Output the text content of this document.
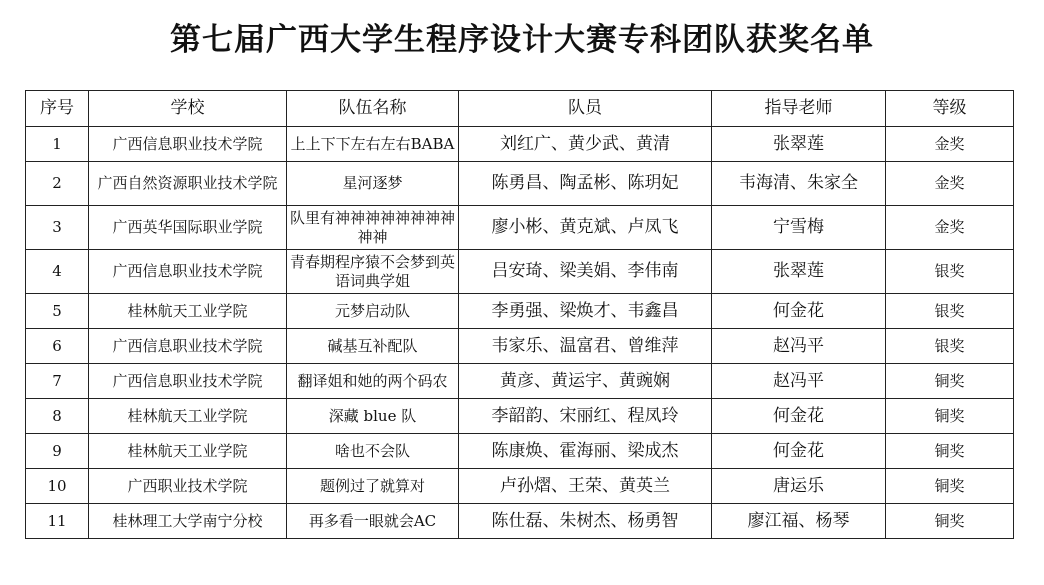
第七届广西大学生程序设计大赛专科团队获奖名单
序号	学校	队伍名称	队员	指导老师	等级
1	广西信息职业技术学院	上上下下左右左右BABA	刘红广、黄少武、黄清	张翠莲	金奖
2	广西自然资源职业技术学院	星河逐梦	陈勇昌、陶孟彬、陈玥妃	韦海清、朱家全	金奖
3	广西英华国际职业学院	队里有神神神神神神神神神神	廖小彬、黄克斌、卢凤飞	宁雪梅	金奖
4	广西信息职业技术学院	青春期程序猿不会梦到英语词典学姐	吕安琦、梁美娟、李伟南	张翠莲	银奖
5	桂林航天工业学院	元梦启动队	李勇强、梁焕才、韦鑫昌	何金花	银奖
6	广西信息职业技术学院	碱基互补配队	韦家乐、温富君、曾维萍	赵冯平	银奖
7	广西信息职业技术学院	翻译姐和她的两个码农	黄彦、黄运宇、黄豌娴	赵冯平	铜奖
8	桂林航天工业学院	深藏 blue 队	李韶韵、宋丽红、程凤玲	何金花	铜奖
9	桂林航天工业学院	啥也不会队	陈康焕、霍海丽、梁成杰	何金花	铜奖
10	广西职业技术学院	题例过了就算对	卢孙熠、王荣、黄英兰	唐运乐	铜奖
11	桂林理工大学南宁分校	再多看一眼就会AC	陈仕磊、朱树杰、杨勇智	廖江福、杨琴	铜奖
